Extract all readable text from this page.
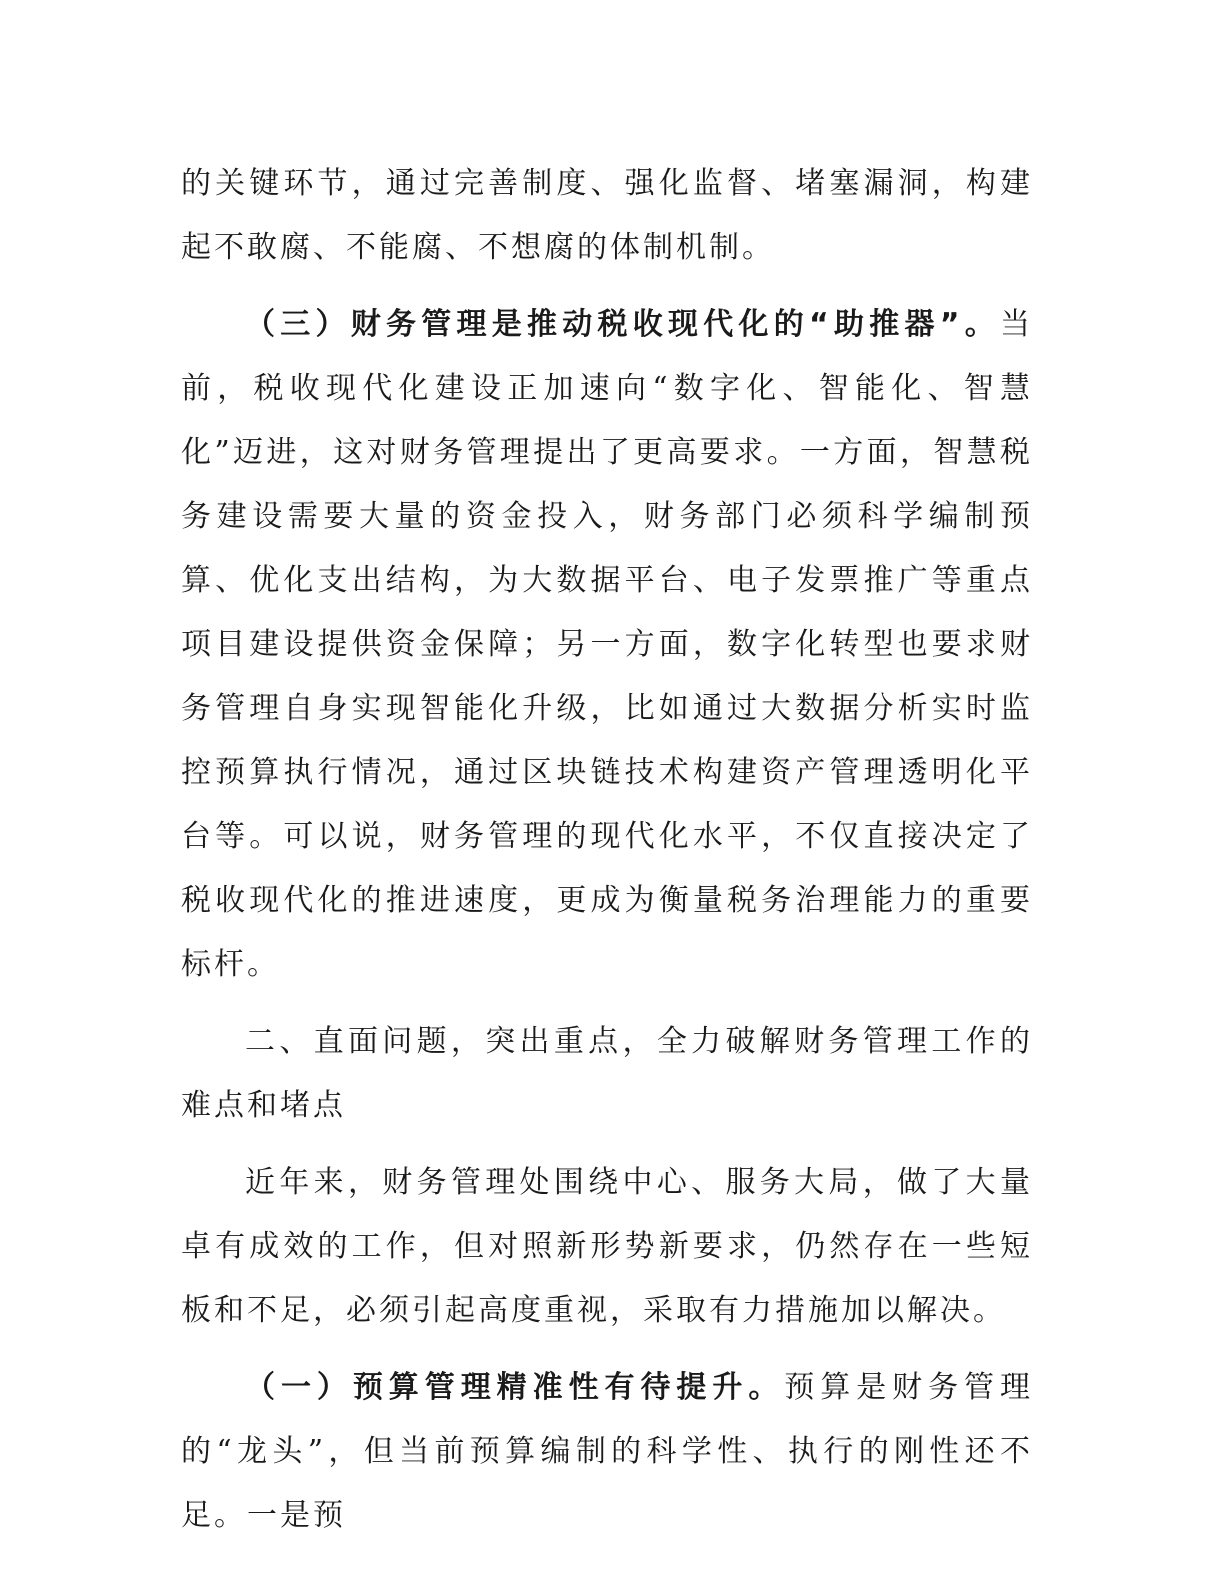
的关键环节，通过完善制度、强化监督、堵塞漏洞，构建起不敢腐、不能腐、不想腐的体制机制。

（三）财务管理是推动税收现代化的“助推器”。当前，税收现代化建设正加速向“数字化、智能化、智慧化”迈进，这对财务管理提出了更高要求。一方面，智慧税务建设需要大量的资金投入，财务部门必须科学编制预算、优化支出结构，为大数据平台、电子发票推广等重点项目建设提供资金保障；另一方面，数字化转型也要求财务管理自身实现智能化升级，比如通过大数据分析实时监控预算执行情况，通过区块链技术构建资产管理透明化平台等。可以说，财务管理的现代化水平，不仅直接决定了税收现代化的推进速度，更成为衡量税务治理能力的重要标杆。

二、直面问题，突出重点，全力破解财务管理工作的难点和堵点

近年来，财务管理处围绕中心、服务大局，做了大量卓有成效的工作，但对照新形势新要求，仍然存在一些短板和不足，必须引起高度重视，采取有力措施加以解决。

（一）预算管理精准性有待提升。预算是财务管理的“龙头”，但当前预算编制的科学性、执行的刚性还不足。一是预
